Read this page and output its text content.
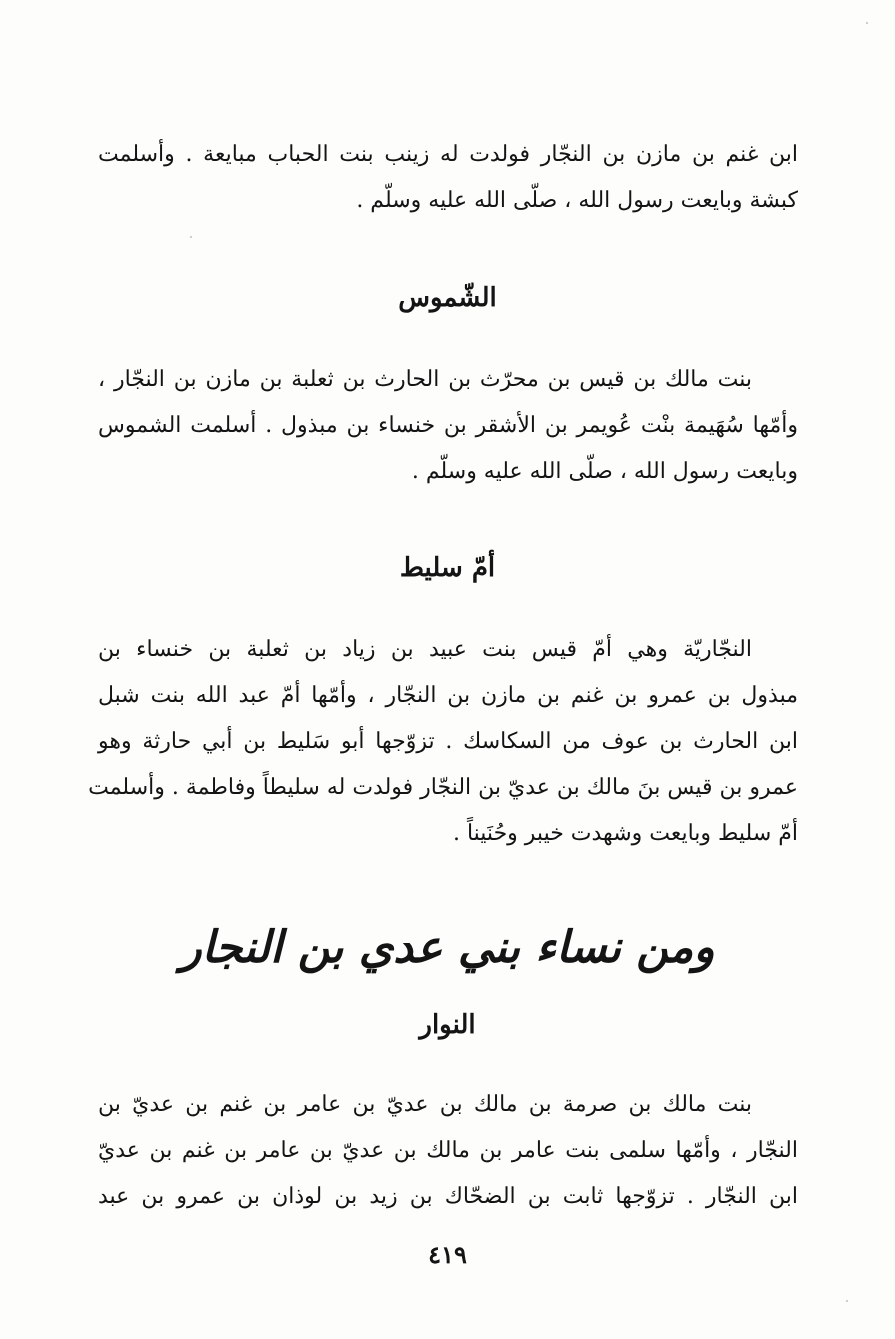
ابن غنم بن مازن بن النجّار فولدت له زينب بنت الحباب مبايعة . وأسلمت
كبشة وبايعت رسول الله ، صلّى الله عليه وسلّم .
الشّموس
بنت مالك بن قيس بن محرّث بن الحارث بن ثعلبة بن مازن بن النجّار ،
وأمّها سُهَيمة بنْت عُويمر بن الأشقر بن خنساء بن مبذول . أسلمت الشموس
وبايعت رسول الله ، صلّى الله عليه وسلّم .
أمّ سليط
النجّاريّة وهي أمّ قيس بنت عبيد بن زياد بن ثعلبة بن خنساء بن
مبذول بن عمرو بن غنم بن مازن بن النجّار ، وأمّها أمّ عبد الله بنت شبل
ابن الحارث بن عوف من السكاسك . تزوّجها أبو سَليط بن أبي حارثة وهو
عمرو بن قيس بنَ مالك بن عديّ بن النجّار فولدت له سليطاً وفاطمة . وأسلمت
أمّ سليط وبايعت وشهدت خيبر وحُنَيناً .
ومن نساء بني عدي بن النجار
النوار
بنت مالك بن صرمة بن مالك بن عديّ بن عامر بن غنم بن عديّ بن
النجّار ، وأمّها سلمى بنت عامر بن مالك بن عديّ بن عامر بن غنم بن عديّ
ابن النجّار . تزوّجها ثابت بن الضحّاك بن زيد بن لوذان بن عمرو بن عبد
٤١٩
